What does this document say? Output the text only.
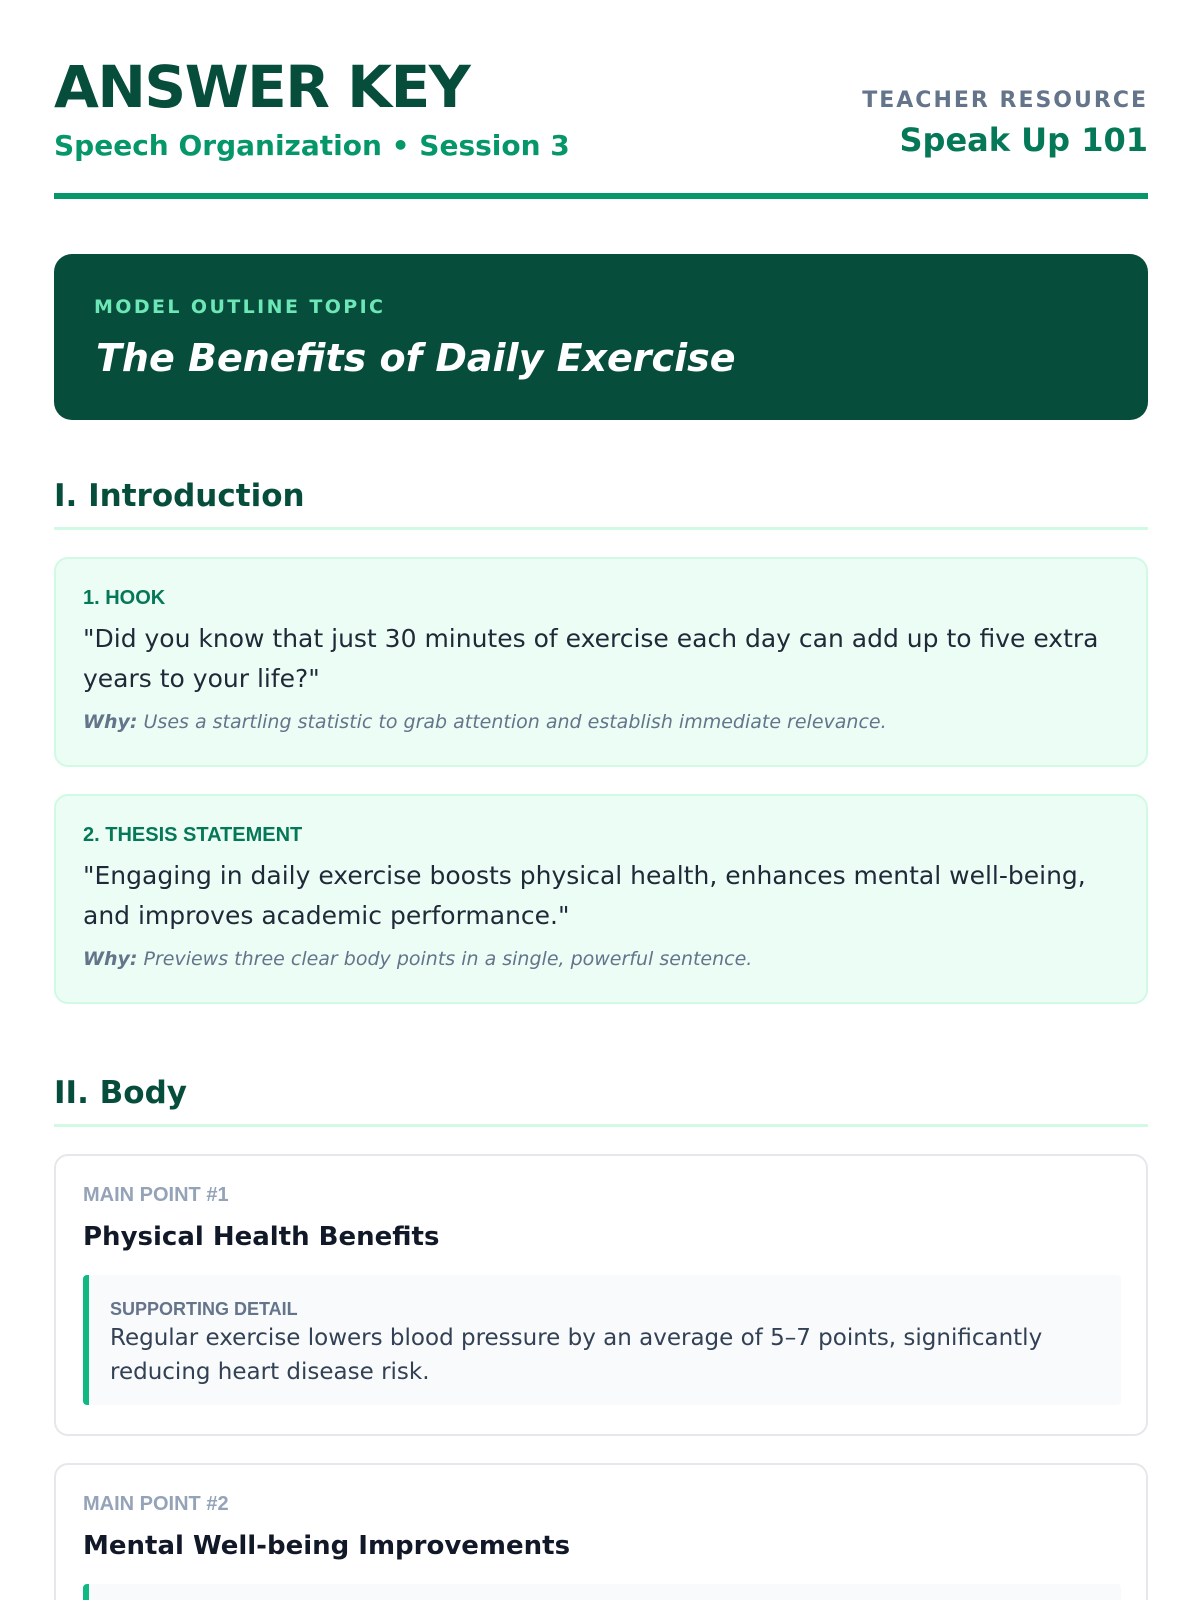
ANSWER KEY
Speech Organization • Session 3
TEACHER RESOURCE
Speak Up 101
MODEL OUTLINE TOPIC
The Benefits of Daily Exercise
I. Introduction
1. HOOK
"Did you know that just 30 minutes of exercise each day can add up to five extra years to your life?"
Why: Uses a startling statistic to grab attention and establish immediate relevance.
2. THESIS STATEMENT
"Engaging in daily exercise boosts physical health, enhances mental well-being, and improves academic performance."
Why: Previews three clear body points in a single, powerful sentence.
II. Body
MAIN POINT #1
Physical Health Benefits
SUPPORTING DETAIL
Regular exercise lowers blood pressure by an average of 5–7 points, significantly reducing heart disease risk.
MAIN POINT #2
Mental Well-being Improvements
